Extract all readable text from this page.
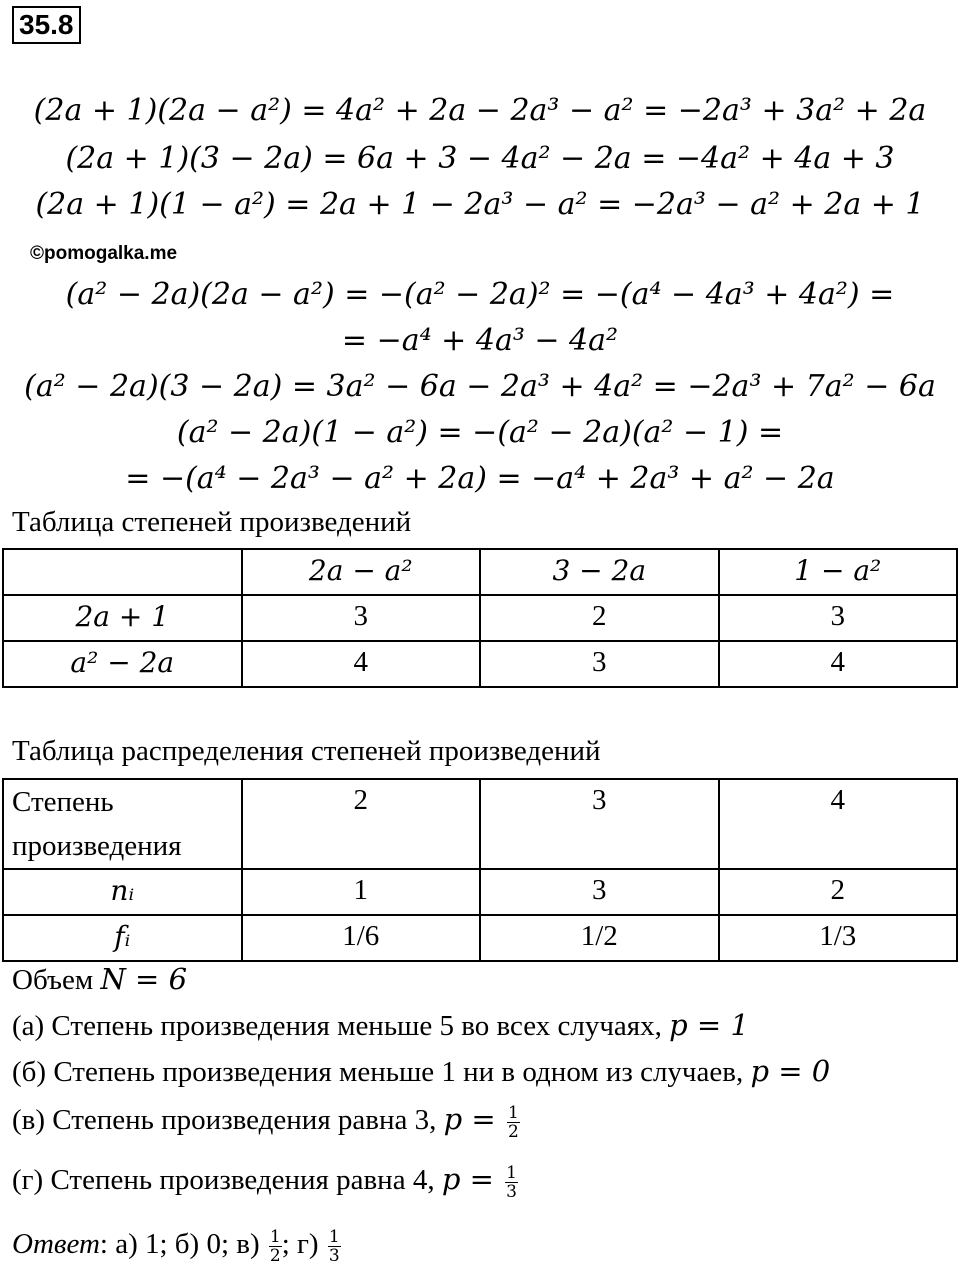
35.8
(2a + 1)(2a − a²) = 4a² + 2a − 2a³ − a² = −2a³ + 3a² + 2a
(2a + 1)(3 − 2a) = 6a + 3 − 4a² − 2a = −4a² + 4a + 3
(2a + 1)(1 − a²) = 2a + 1 − 2a³ − a² = −2a³ − a² + 2a + 1
©pomogalka.me
(a² − 2a)(2a − a²) = −(a² − 2a)² = −(a⁴ − 4a³ + 4a²) =
= −a⁴ + 4a³ − 4a²
(a² − 2a)(3 − 2a) = 3a² − 6a − 2a³ + 4a² = −2a³ + 7a² − 6a
(a² − 2a)(1 − a²) = −(a² − 2a)(a² − 1) =
= −(a⁴ − 2a³ − a² + 2a) = −a⁴ + 2a³ + a² − 2a
Таблица степеней произведений
	2a − a²	3 − 2a	1 − a²
2a + 1	3	2	3
a² − 2a	4	3	4
Таблица распределения степеней произведений
Степень произведения	2	3	4
nᵢ	1	3	2
fᵢ	1/6	1/2	1/3
Объем N = 6
(а) Степень произведения меньше 5 во всех случаях, p = 1
(б) Степень произведения меньше 1 ни в одном из случаев, p = 0
(в) Степень произведения равна 3, $p = \frac{1}{2}$
(г) Степень произведения равна 4, $p = \frac{1}{3}$
Ответ: а) 1; б) 0; $в) \frac{1}{2}$ ; $г) \frac{1}{3}$
